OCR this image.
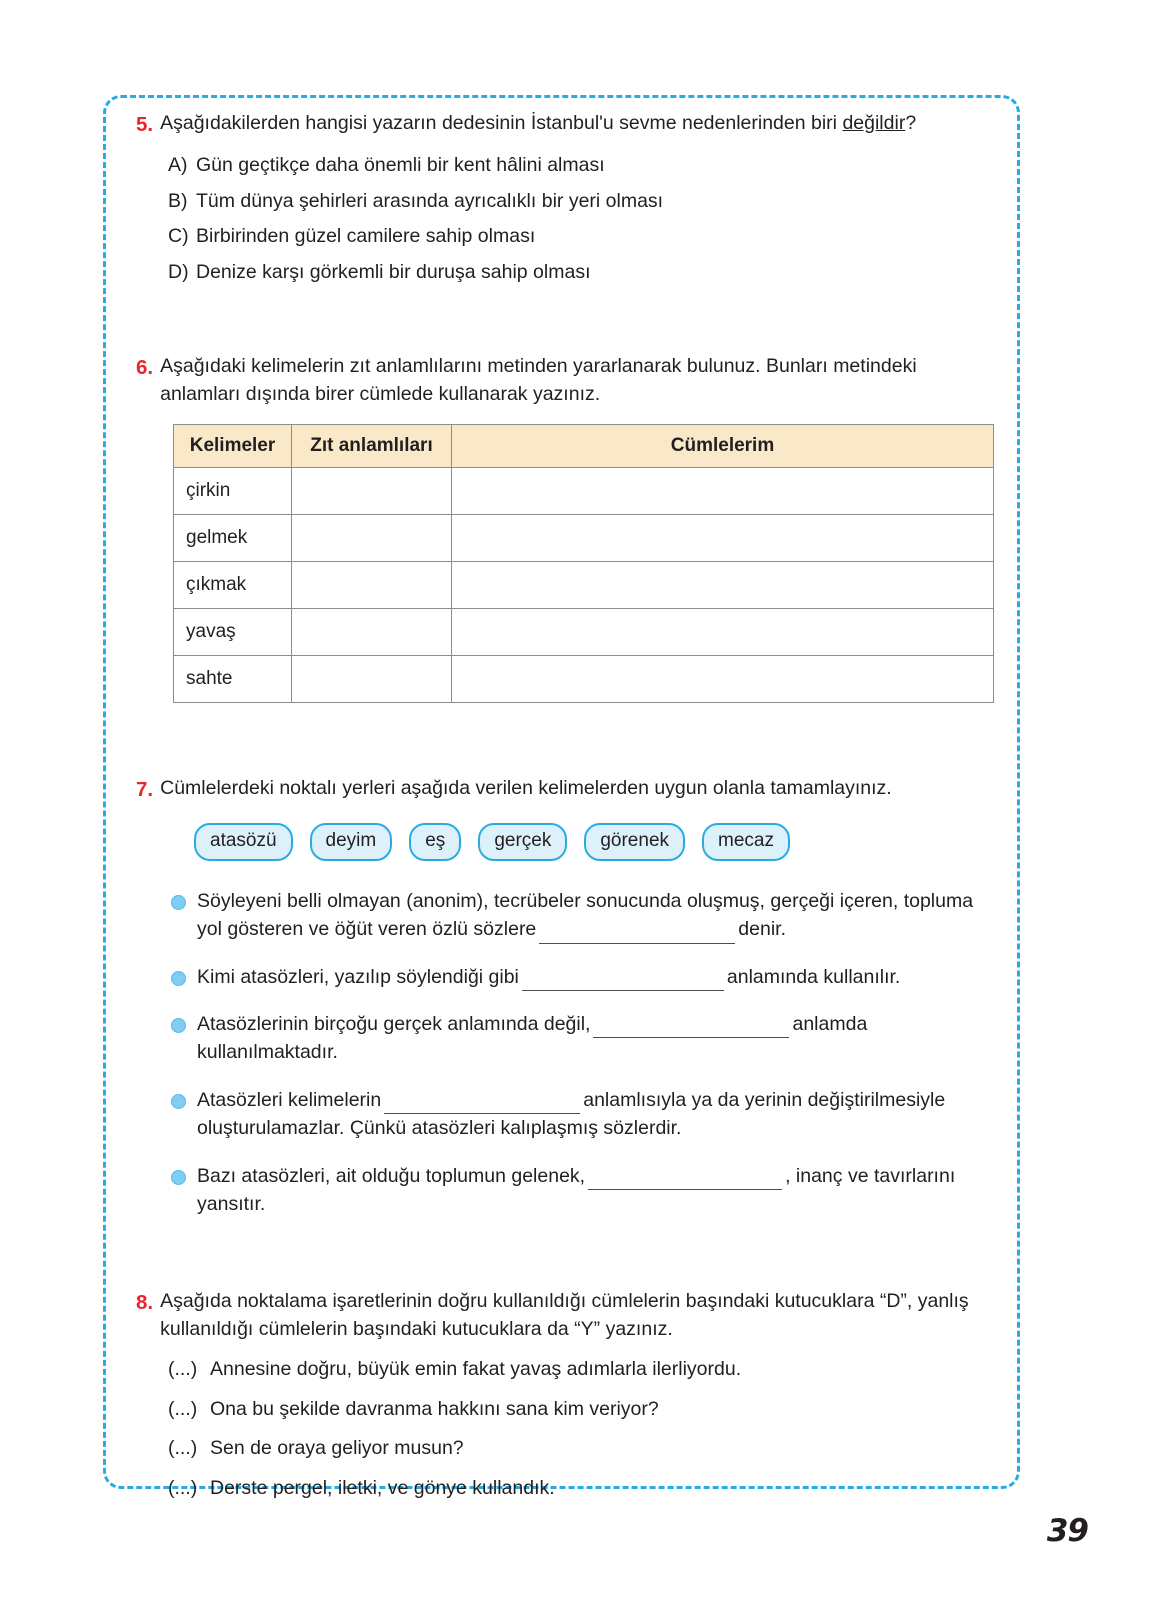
5. Aşağıdakilerden hangisi yazarın dedesinin İstanbul'u sevme nedenlerinden biri değildir?
A) Gün geçtikçe daha önemli bir kent hâlini alması
B) Tüm dünya şehirleri arasında ayrıcalıklı bir yeri olması
C) Birbirinden güzel camilere sahip olması
D) Denize karşı görkemli bir duruşa sahip olması
6. Aşağıdaki kelimelerin zıt anlamlılarını metinden yararlanarak bulunuz. Bunları metindeki anlamları dışında birer cümlede kullanarak yazınız.
Kelimeler	Zıt anlamlıları	Cümlelerim
çirkin		
gelmek		
çıkmak		
yavaş		
sahte		
7. Cümlelerdeki noktalı yerleri aşağıda verilen kelimelerden uygun olanla tamamlayınız.
atasözü	deyim	eş	gerçek	görenek	mecaz
Söyleyeni belli olmayan (anonim), tecrübeler sonucunda oluşmuş, gerçeği içeren, topluma yol gösteren ve öğüt veren özlü sözlere	denir.
Kimi atasözleri, yazılıp söylendiği gibi	anlamında kullanılır.
Atasözlerinin birçoğu gerçek anlamında değil,	anlamda kullanılmaktadır.
Atasözleri kelimelerin	anlamlısıyla ya da yerinin değiştirilmesiyle oluşturulamazlar. Çünkü atasözleri kalıplaşmış sözlerdir.
Bazı atasözleri, ait olduğu toplumun gelenek,	, inanç ve tavırlarını yansıtır.
8. Aşağıda noktalama işaretlerinin doğru kullanıldığı cümlelerin başındaki kutucuklara “D”, yanlış kullanıldığı cümlelerin başındaki kutucuklara da “Y” yazınız.
(...) Annesine doğru, büyük emin fakat yavaş adımlarla ilerliyordu.
(...) Ona bu şekilde davranma hakkını sana kim veriyor?
(...) Sen de oraya geliyor musun?
(...) Derste pergel, iletki, ve gönye kullandık.
39
